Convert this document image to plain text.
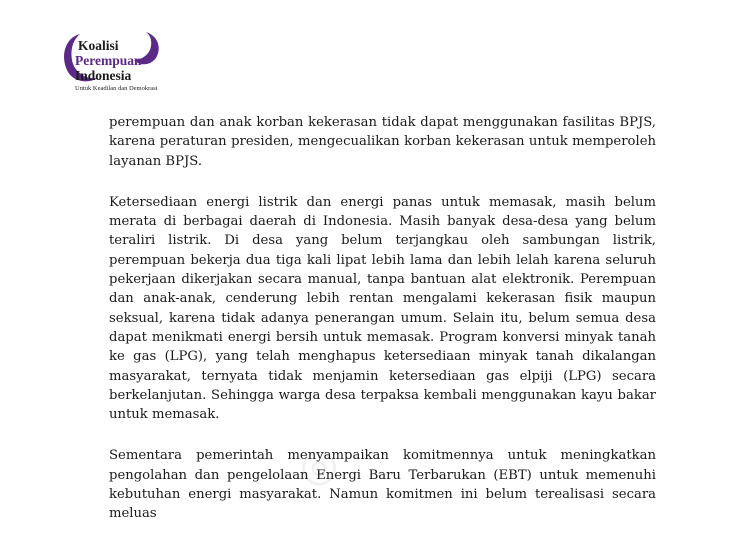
Koalisi
Perempuan
Indonesia
Untuk Keadilan dan Demokrasi

perempuan dan anak korban kekerasan tidak dapat menggunakan fasilitas BPJS, karena peraturan presiden, mengecualikan korban kekerasan untuk memperoleh layanan BPJS.

Ketersediaan energi listrik dan energi panas untuk memasak, masih belum merata di berbagai daerah di Indonesia. Masih banyak desa-desa yang belum teraliri listrik. Di desa yang belum terjangkau oleh sambungan listrik, perempuan bekerja dua tiga kali lipat lebih lama dan lebih lelah karena seluruh pekerjaan dikerjakan secara manual, tanpa bantuan alat elektronik. Perempuan dan anak-anak, cenderung lebih rentan mengalami kekerasan fisik maupun seksual, karena tidak adanya penerangan umum. Selain itu, belum semua desa dapat menikmati energi bersih untuk memasak. Program konversi minyak tanah ke gas (LPG), yang telah menghapus ketersediaan minyak tanah dikalangan masyarakat, ternyata tidak menjamin ketersediaan gas elpiji (LPG) secara berkelanjutan. Sehingga warga desa terpaksa kembali menggunakan kayu bakar untuk memasak.

Sementara pemerintah menyampaikan komitmennya untuk meningkatkan pengolahan dan pengelolaan Energi Baru Terbarukan (EBT) untuk memenuhi kebutuhan energi masyarakat. Namun komitmen ini belum terealisasi secara meluas

◎
